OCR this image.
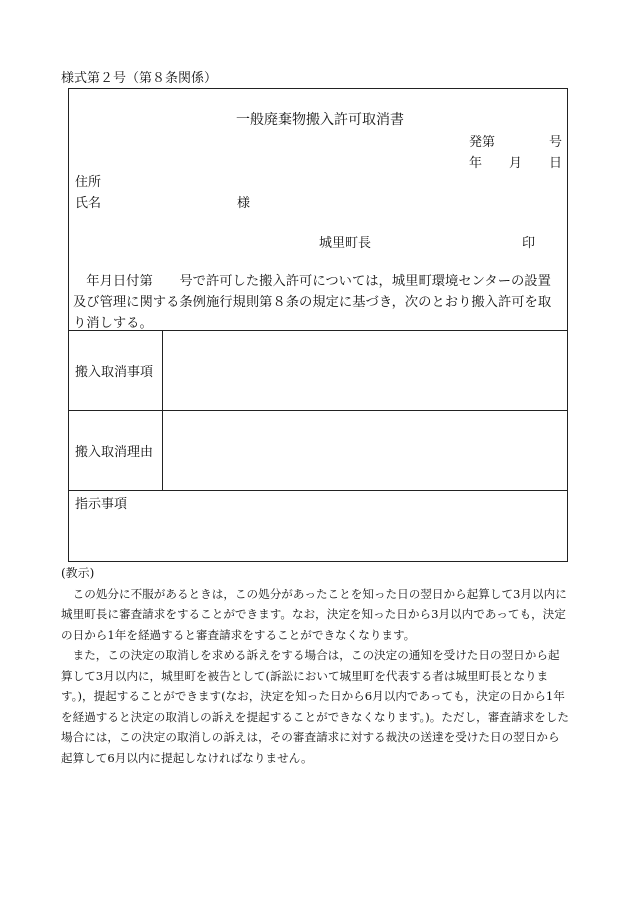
様式第２号（第８条関係）
一般廃棄物搬入許可取消書
発第	号
年 月 日
住所
氏名	様
城里町長	印
年月日付第　　号で許可した搬入許可については，城里町環境センターの設置及び管理に関する条例施行規則第８条の規定に基づき，次のとおり搬入許可を取り消しする。
搬入取消事項
搬入取消理由
指示事項
(教示)

この処分に不服があるときは，この処分があったことを知った日の翌日から起算して3月以内に城里町長に審査請求をすることができます。なお，決定を知った日から3月以内であっても，決定の日から1年を経過すると審査請求をすることができなくなります。

また，この決定の取消しを求める訴えをする場合は，この決定の通知を受けた日の翌日から起算して3月以内に，城里町を被告として(訴訟において城里町を代表する者は城里町長となります。)，提起することができます(なお，決定を知った日から6月以内であっても，決定の日から1年を経過すると決定の取消しの訴えを提起することができなくなります。)。ただし，審査請求をした場合には，この決定の取消しの訴えは，その審査請求に対する裁決の送達を受けた日の翌日から起算して6月以内に提起しなければなりません。
